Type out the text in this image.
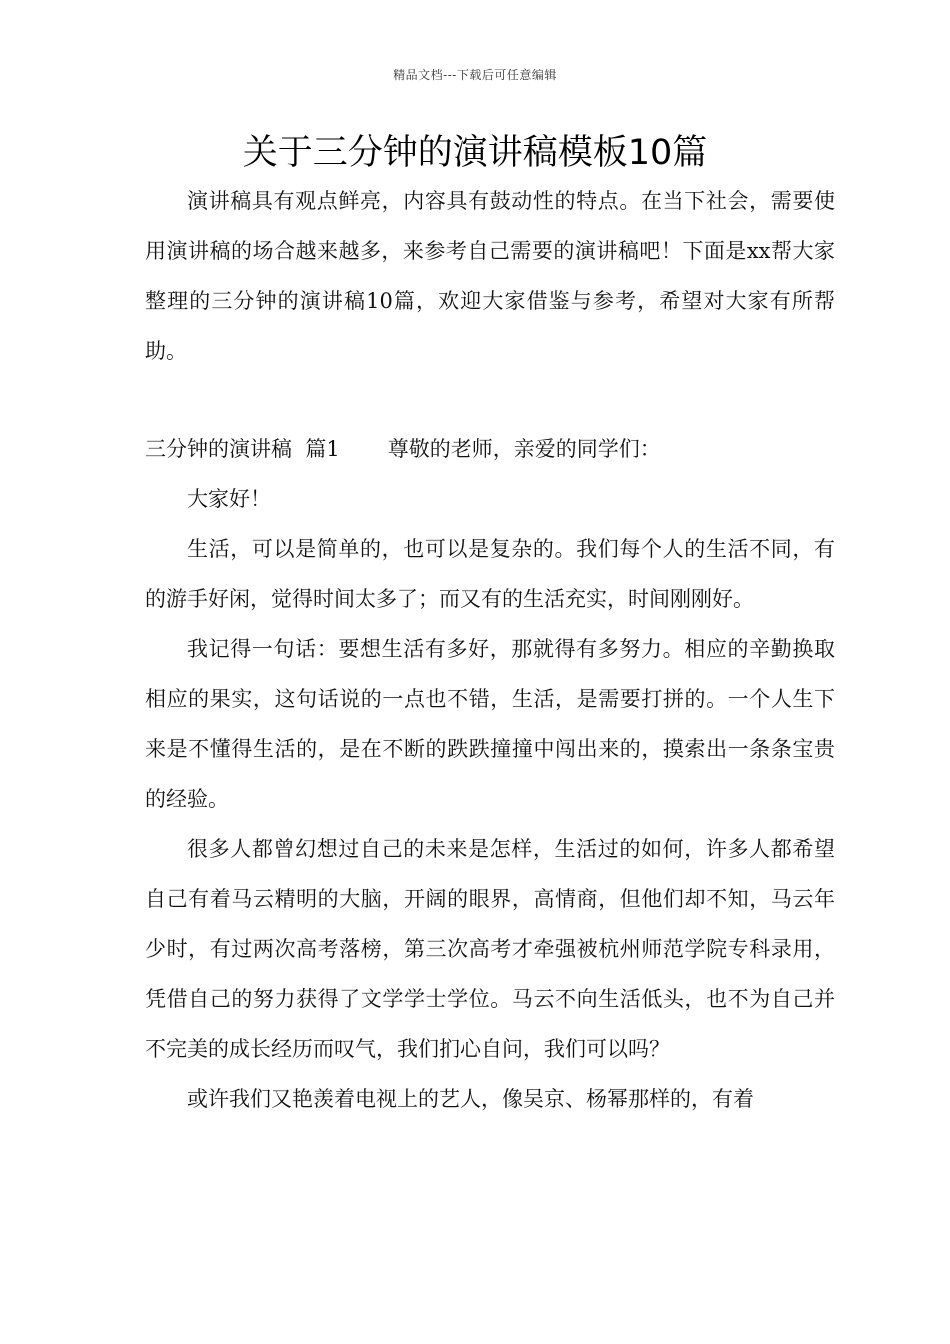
精品文档---下载后可任意编辑
关于三分钟的演讲稿模板10篇

演讲稿具有观点鲜亮，内容具有鼓动性的特点。在当下社会，需要使用演讲稿的场合越来越多，来参考自己需要的演讲稿吧！下面是xx帮大家整理的三分钟的演讲稿10篇，欢迎大家借鉴与参考，希望对大家有所帮助。

三分钟的演讲稿  篇1 尊敬的老师，亲爱的同学们：

大家好！

生活，可以是简单的，也可以是复杂的。我们每个人的生活不同，有的游手好闲，觉得时间太多了；而又有的生活充实，时间刚刚好。

我记得一句话：要想生活有多好，那就得有多努力。相应的辛勤换取相应的果实，这句话说的一点也不错，生活，是需要打拼的。一个人生下来是不懂得生活的，是在不断的跌跌撞撞中闯出来的，摸索出一条条宝贵的经验。

很多人都曾幻想过自己的未来是怎样，生活过的如何，许多人都希望自己有着马云精明的大脑，开阔的眼界，高情商，但他们却不知，马云年少时，有过两次高考落榜，第三次高考才牵强被杭州师范学院专科录用，凭借自己的努力获得了文学学士学位。马云不向生活低头，也不为自己并不完美的成长经历而叹气，我们扪心自问，我们可以吗？

或许我们又艳羡着电视上的艺人，像吴京、杨幂那样的，有着
